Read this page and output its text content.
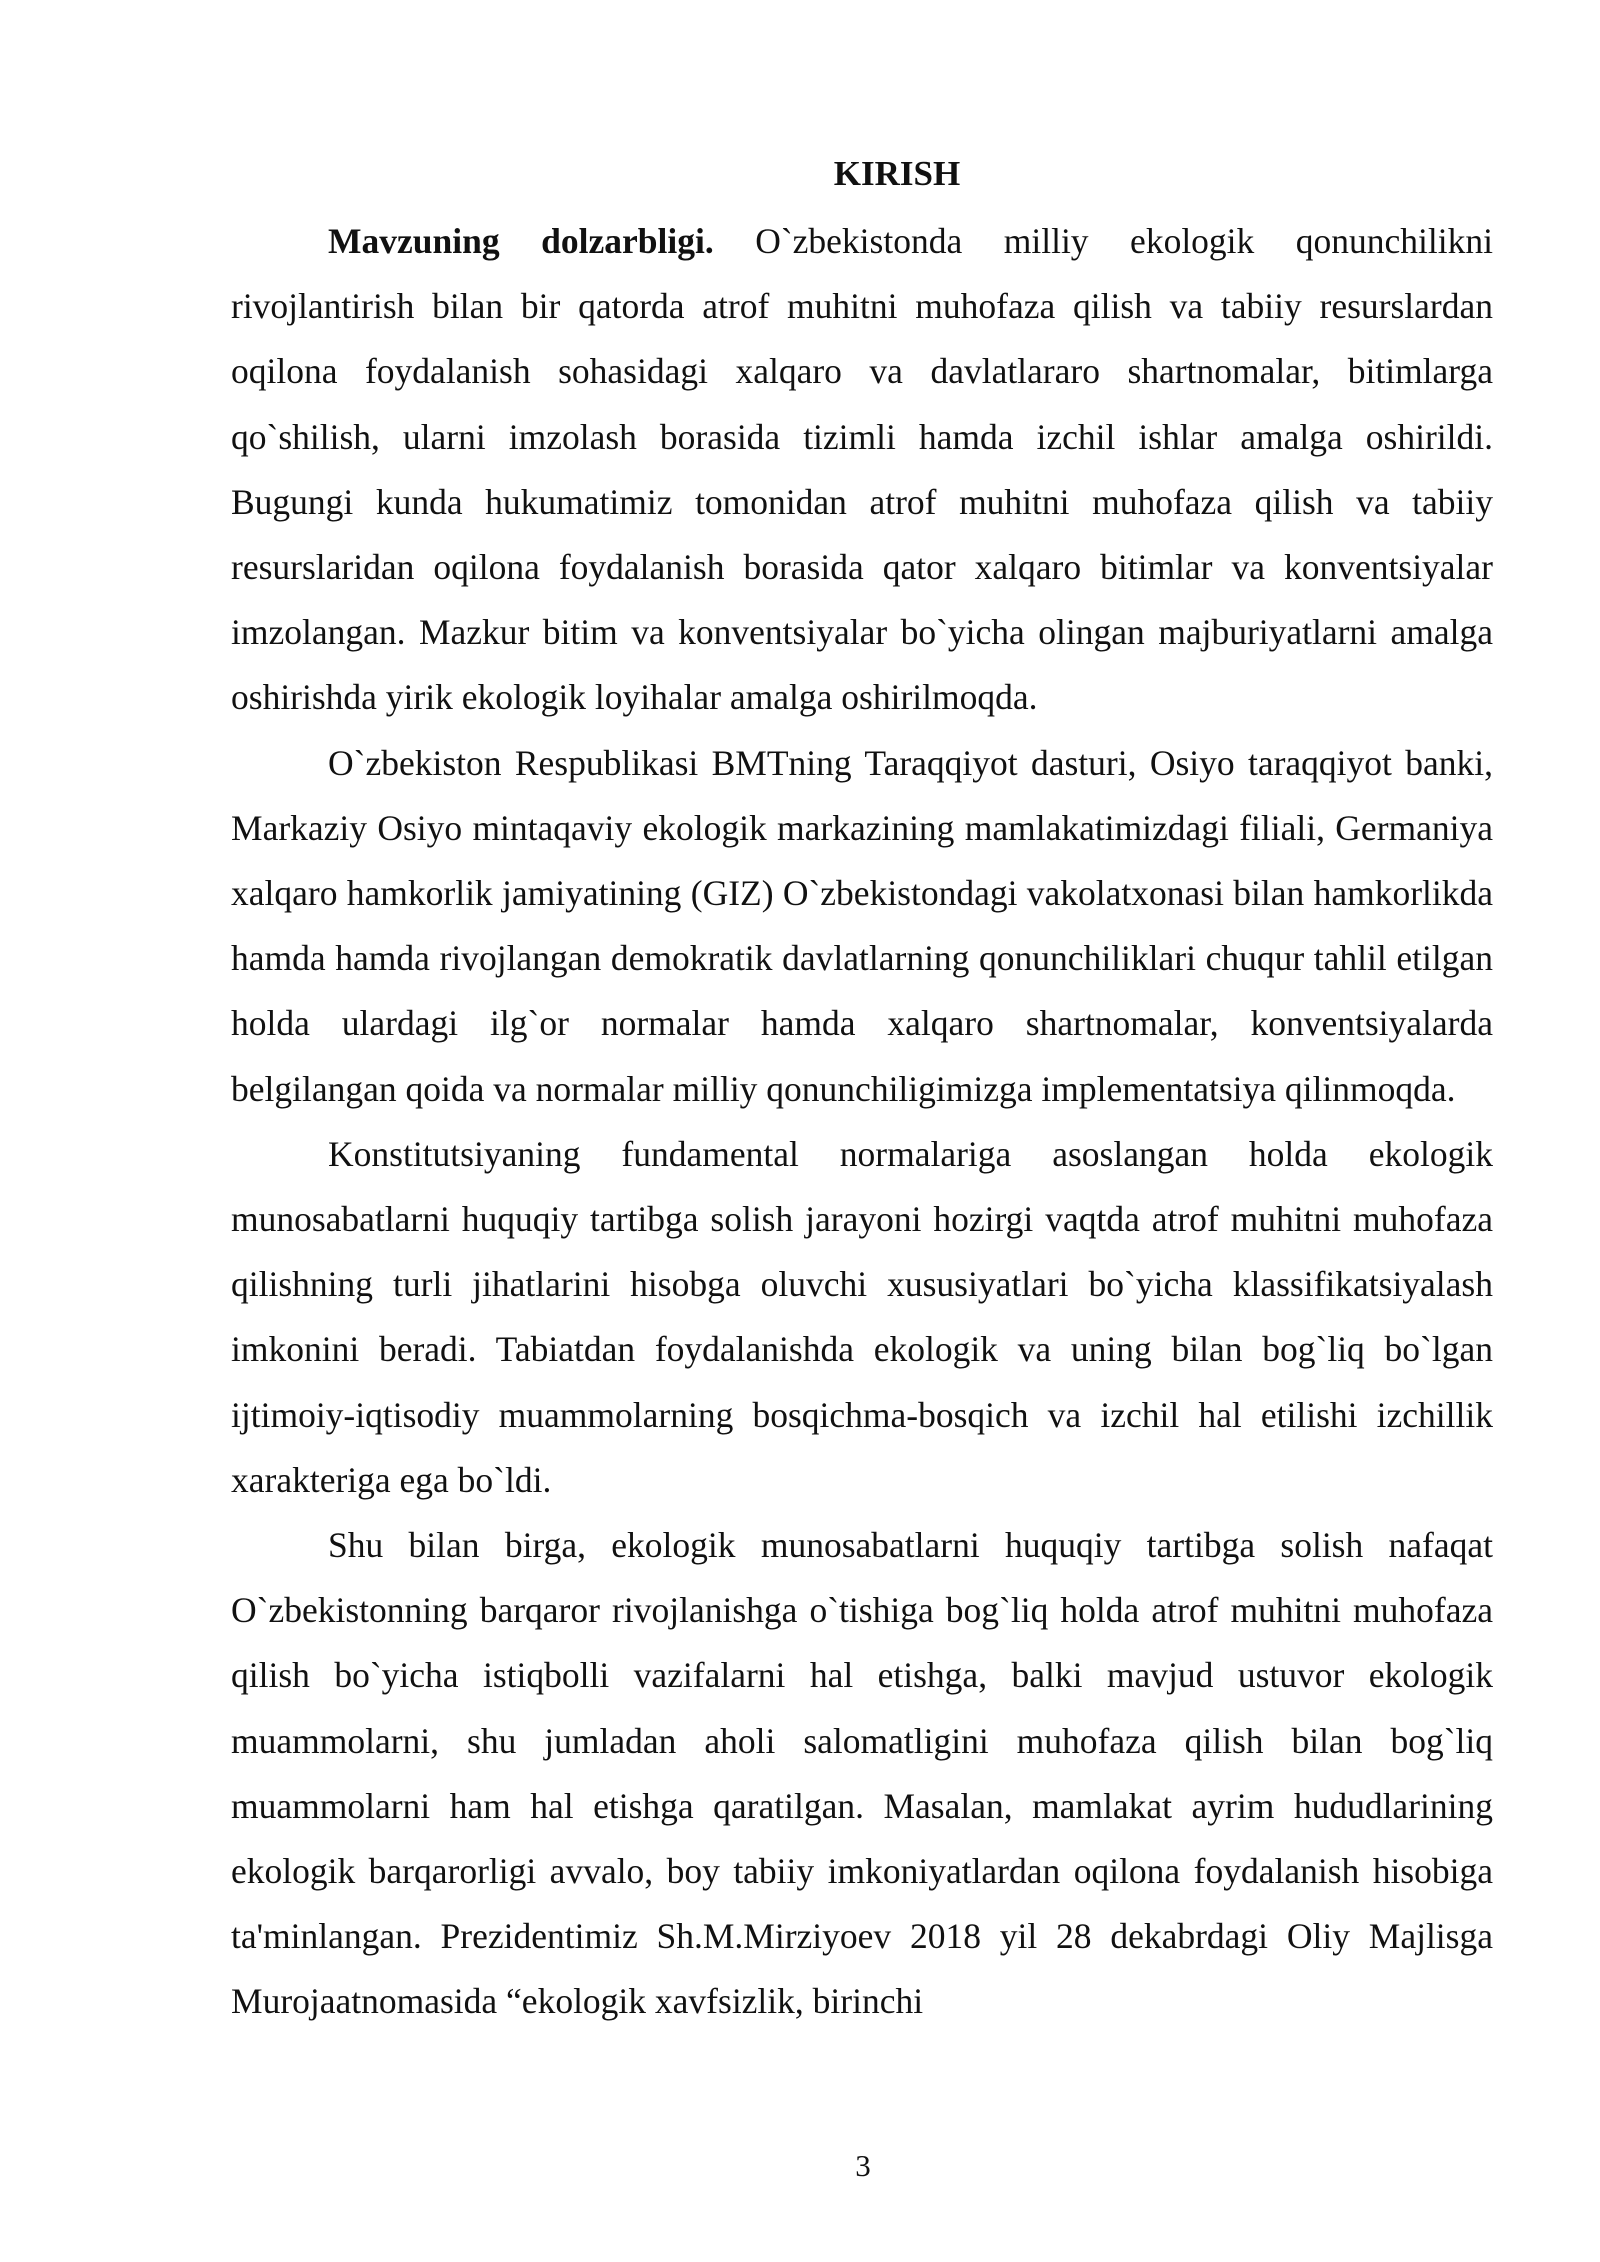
KIRISH

Mavzuning dolzarbligi. O`zbekistonda milliy ekologik qonunchilikni rivojlantirish bilan bir qatorda atrof muhitni muhofaza qilish va tabiiy resurslardan oqilona foydalanish sohasidagi xalqaro va davlatlararo shartnomalar, bitimlarga qo`shilish, ularni imzolash borasida tizimli hamda izchil ishlar amalga oshirildi. Bugungi kunda hukumatimiz tomonidan atrof muhitni muhofaza qilish va tabiiy resurslaridan oqilona foydalanish borasida qator xalqaro bitimlar va konventsiyalar imzolangan. Mazkur bitim va konventsiyalar bo`yicha olingan majburiyatlarni amalga oshirishda yirik ekologik loyihalar amalga oshirilmoqda.

O`zbekiston Respublikasi BMTning Taraqqiyot dasturi, Osiyo taraqqiyot banki, Markaziy Osiyo mintaqaviy ekologik markazining mamlakatimizdagi filiali, Germaniya xalqaro hamkorlik jamiyatining (GIZ) O`zbekistondagi vakolatxonasi bilan hamkorlikda hamda hamda rivojlangan demokratik davlatlarning qonunchiliklari chuqur tahlil etilgan holda ulardagi ilg`or normalar hamda xalqaro shartnomalar, konventsiyalarda belgilangan qoida va normalar milliy qonunchiligimizga implementatsiya qilinmoqda.

Konstitutsiyaning fundamental normalariga asoslangan holda ekologik munosabatlarni huquqiy tartibga solish jarayoni hozirgi vaqtda atrof muhitni muhofaza qilishning turli jihatlarini hisobga oluvchi xususiyatlari bo`yicha klassifikatsiyalash imkonini beradi. Tabiatdan foydalanishda ekologik va uning bilan bog`liq bo`lgan ijtimoiy-iqtisodiy muammolarning bosqichma-bosqich va izchil hal etilishi izchillik xarakteriga ega bo`ldi.

Shu bilan birga, ekologik munosabatlarni huquqiy tartibga solish nafaqat O`zbekistonning barqaror rivojlanishga o`tishiga bog`liq holda atrof muhitni muhofaza qilish bo`yicha istiqbolli vazifalarni hal etishga, balki mavjud ustuvor ekologik muammolarni, shu jumladan aholi salomatligini muhofaza qilish bilan bog`liq muammolarni ham hal etishga qaratilgan. Masalan, mamlakat ayrim hududlarining ekologik barqarorligi avvalo, boy tabiiy imkoniyatlardan oqilona foydalanish hisobiga ta'minlangan. Prezidentimiz Sh.M.Mirziyoev 2018 yil 28 dekabrdagi Oliy Majlisga Murojaatnomasida “ekologik xavfsizlik, birinchi

3
